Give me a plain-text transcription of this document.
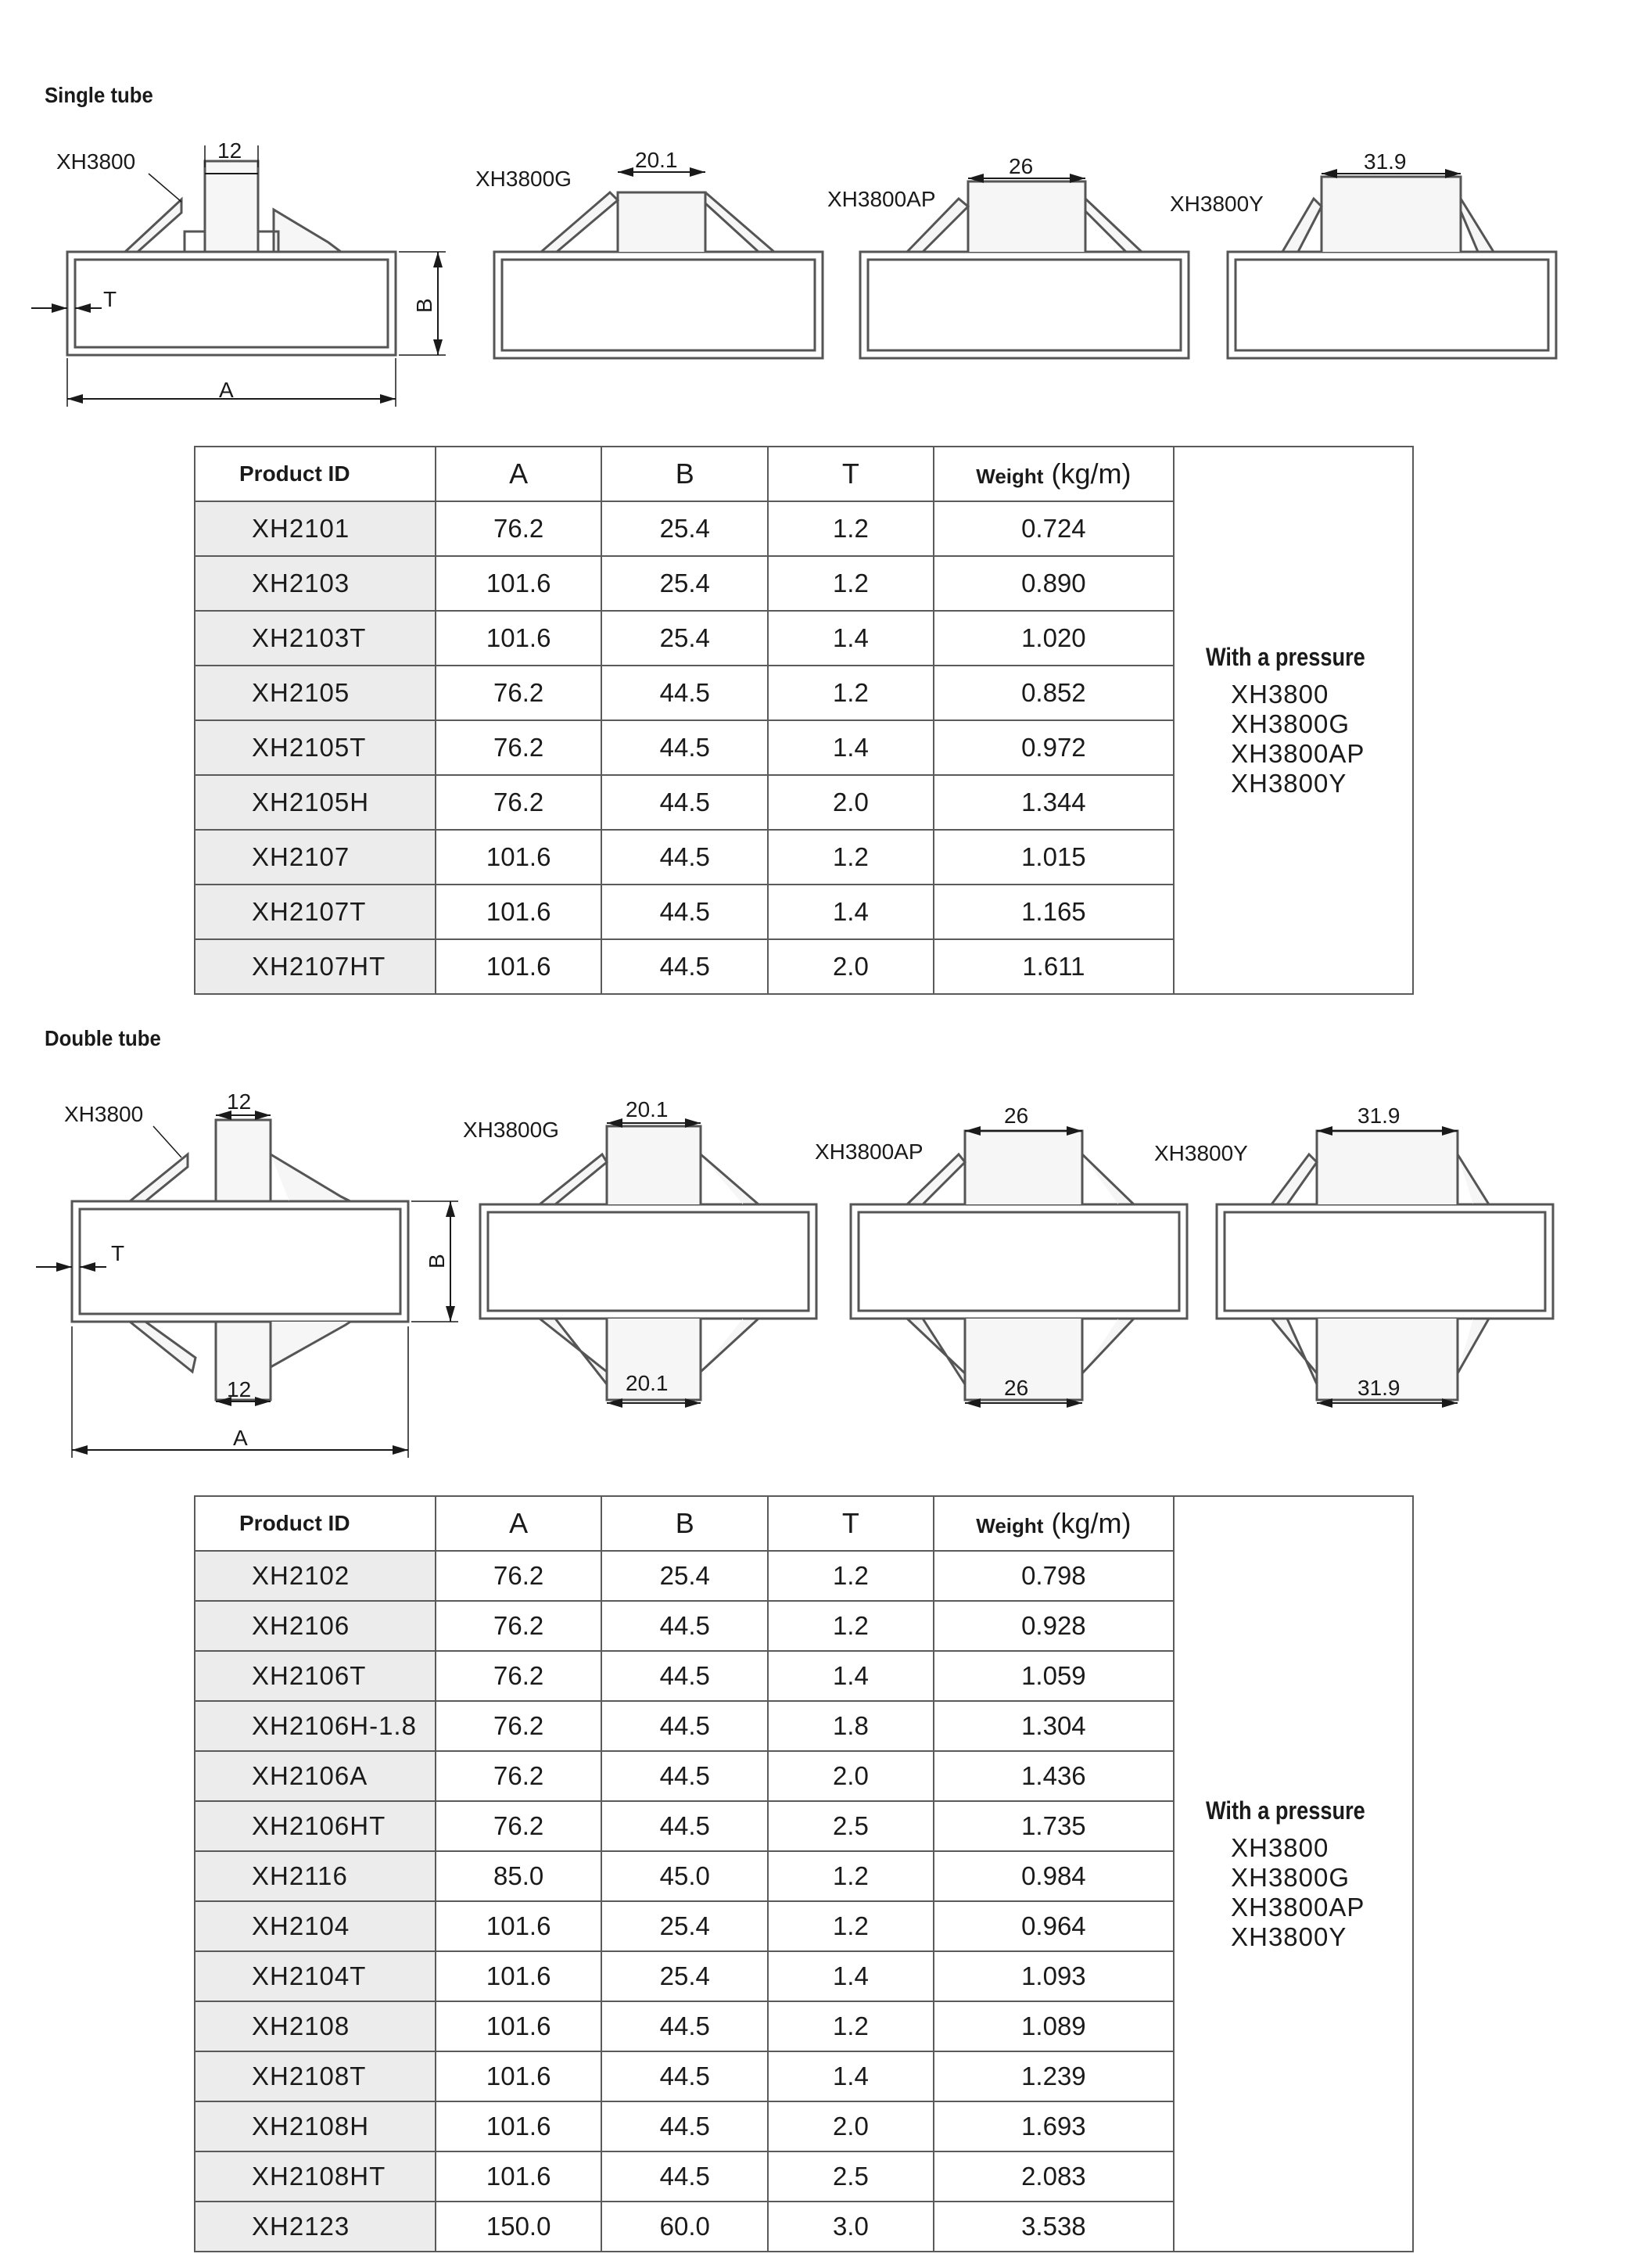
Single tube
Double tube
XH3800	12
A
B
T
XH3800G
20.1
XH3800AP
26
XH3800Y
31.9
XH3800
12
12
A
B
T
XH3800G
20.1
20.1
XH3800AP
26
26
XH3800Y
31.9
31.9
Product ID	A	B	T	Weight (kg/m)	With a pressure
XH3800
XH3800G
XH3800AP
XH3800Y

XH2101	76.2	25.4	1.2	0.724	
XH2103	101.6	25.4	1.2	0.890	
XH2103T	101.6	25.4	1.4	1.020	
XH2105	76.2	44.5	1.2	0.852	
XH2105T	76.2	44.5	1.4	0.972	
XH2105H	76.2	44.5	2.0	1.344	
XH2107	101.6	44.5	1.2	1.015	
XH2107T	101.6	44.5	1.4	1.165	
XH2107HT	101.6	44.5	2.0	1.611	
Product ID	A	B	T	Weight (kg/m)	With a pressure
XH3800
XH3800G
XH3800AP
XH3800Y

XH2102	76.2	25.4	1.2	0.798	
XH2106	76.2	44.5	1.2	0.928	
XH2106T	76.2	44.5	1.4	1.059	
XH2106H-1.8	76.2	44.5	1.8	1.304	
XH2106A	76.2	44.5	2.0	1.436	
XH2106HT	76.2	44.5	2.5	1.735	
XH2116	85.0	45.0	1.2	0.984	
XH2104	101.6	25.4	1.2	0.964	
XH2104T	101.6	25.4	1.4	1.093	
XH2108	101.6	44.5	1.2	1.089	
XH2108T	101.6	44.5	1.4	1.239	
XH2108H	101.6	44.5	2.0	1.693	
XH2108HT	101.6	44.5	2.5	2.083	
XH2123	150.0	60.0	3.0	3.538	
